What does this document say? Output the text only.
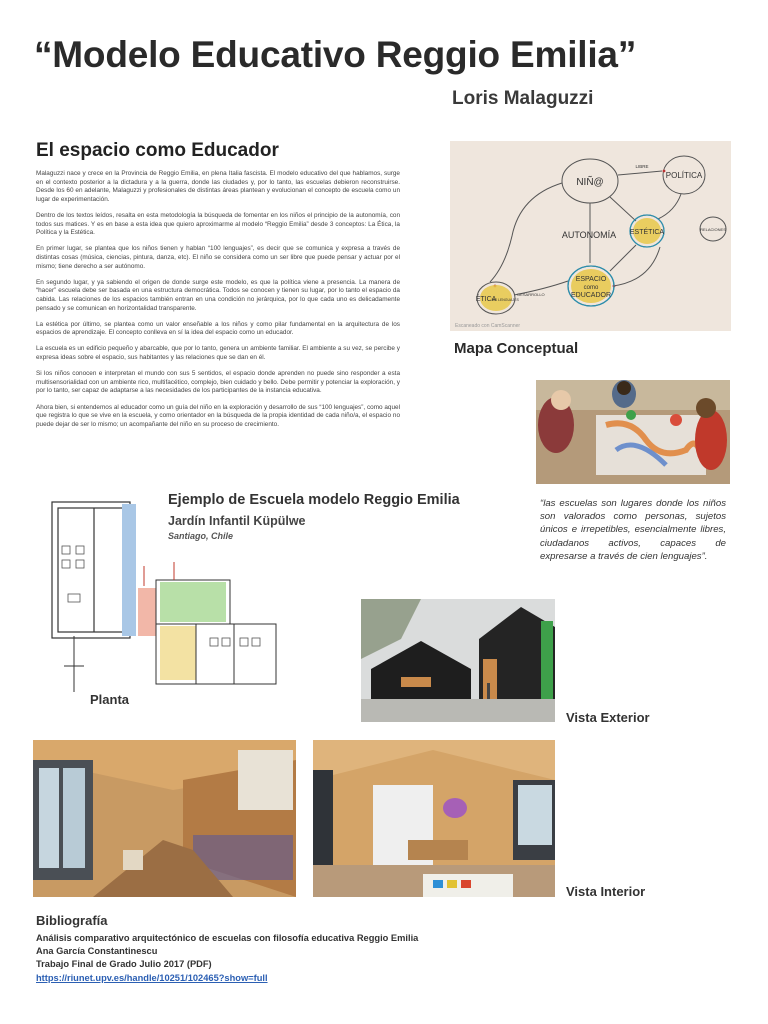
“Modelo Educativo Reggio Emilia”
Loris Malaguzzi
El espacio como Educador

Malaguzzi nace y crece en la Provincia de Reggio Emilia, en plena Italia fascista. El modelo educativo del que hablamos, surge en el contexto posterior a la dictadura y a la guerra, donde las ciudades y, por lo tanto, las escuelas debieron reconstruirse. Desde los 60 en adelante, Malaguzzi y profesionales de distintas áreas plantean y evolucionan el concepto de escuela como un lugar de experimentación.

Dentro de los textos leídos, resalta en esta metodología la búsqueda de fomentar en los niños el principio de la autonomía, con todos sus matices. Y es en base a esta idea que quiero aproximarme al modelo “Reggio Emilia” desde 3 conceptos: La Ética, la Política y la Estética.

En primer lugar, se plantea que los niños tienen y hablan “100 lenguajes”, es decir que se comunica y expresa a través de distintas cosas (música, ciencias, pintura, danza, etc). El niño se considera como un ser libre que puede pensar y actuar por el mismo; tiene derecho a ser autónomo.

En segundo lugar, y ya sabiendo el origen de donde surge este modelo, es que la política viene a presencia. La manera de “hacer” escuela debe ser basada en una estructura democrática. Todos se conocen y tienen su lugar, por lo tanto el espacio da cabida. Las relaciones de los espacios también entran en una condición no jerárquica, por lo que cada uno es delicadamente pensado y se comunican en horizontalidad transparente.

La estética por último, se plantea como un valor enseñable a los niños y como pilar fundamental en la arquitectura de los espacios de aprendizaje. El concepto conlleva en sí la idea del espacio como un educador.

La escuela es un edificio pequeño y abarcable, que por lo tanto, genera un ambiente familiar. El ambiente a su vez, se percibe y expresa ideas sobre el espacio, sus habitantes y las relaciones que se dan en él.

Si los niños conocen e interpretan el mundo con sus 5 sentidos, el espacio donde aprenden no puede sino responder a esta multisensorialidad con un ambiente rico, multifacético, complejo, bien cuidado y bello. Debe permitir y potenciar la exploración, y por lo tanto, ser capaz de adaptarse a las necesidades de los participantes de la instancia educativa.

Ahora bien, si entendemos al educador como un guía del niño en la exploración y desarrollo de sus “100 lenguajes”, como aquel que registra lo que se vive en la escuela, y como orientador en la búsqueda de la propia identidad de cada niño/a, el espacio no puede dejar de ser lo mismo; un acompañante del niño en su proceso de crecimiento.

NIÑ@
POLÍTICA
AUTONOMÍA ESTÉTICA
ESPACIO
como
EDUCADOR
ÉTICA
100 LENGUAJES
RELACIONES
LIBRE
DESARROLLO
Escaneado con CamScanner
Mapa Conceptual
“las escuelas son lugares donde los niños son valorados como personas, sujetos únicos e irrepetibles, esencialmente libres, ciudadanos activos, capaces de expresarse a través de cien lenguajes”.
Ejemplo de Escuela modelo Reggio Emilia
Jardín Infantil Küpülwe
Santiago, Chile
Planta
Vista Exterior
Vista Interior
Bibliografía
Análisis comparativo arquitectónico de escuelas con filosofía educativa Reggio Emilia
Ana García Constantinescu
Trabajo Final de Grado Julio 2017 (PDF)
https://riunet.upv.es/handle/10251/102465?show=full
